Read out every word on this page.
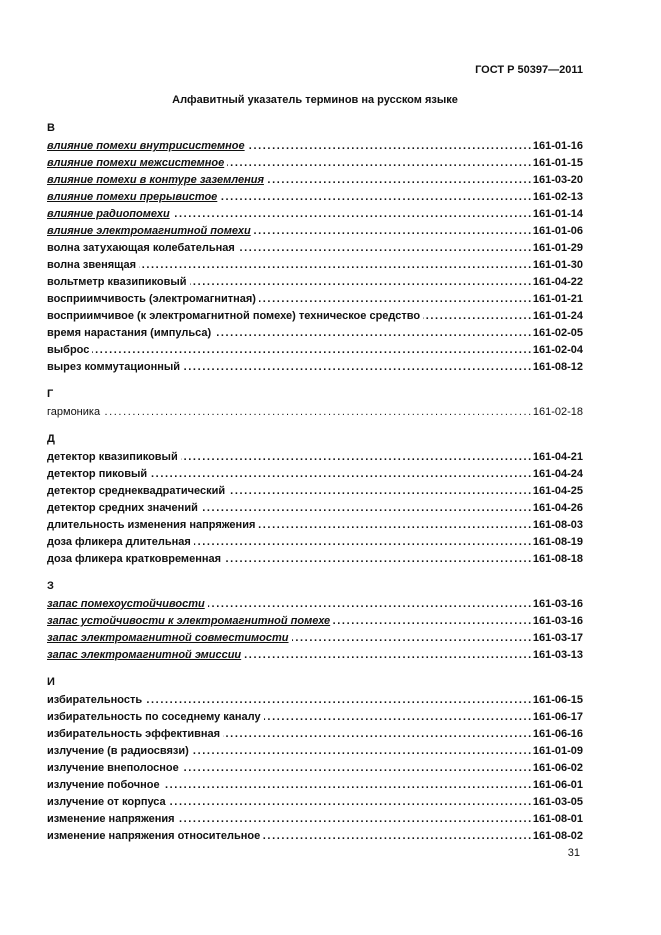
ГОСТ Р 50397—2011
Алфавитный указатель терминов на русском языке
В
влияние помехи внутрисистемное .....	161-01-16
влияние помехи межсистемное .....	161-01-15
влияние помехи в контуре заземления .....	161-03-20
влияние помехи прерывистое .....	161-02-13
влияние радиопомехи .....	161-01-14
влияние электромагнитной помехи .....	161-01-06
волна затухающая колебательная .....	161-01-29
волна звенящая .....	161-01-30
вольтметр квазипиковый .....	161-04-22
восприимчивость (электромагнитная) .....	161-01-21
восприимчивое (к электромагнитной помехе) техническое средство .....	161-01-24
время нарастания (импульса) .....	161-02-05
выброс .....	161-02-04
вырез коммутационный .....	161-08-12
Г
гармоника .....	161-02-18
Д
детектор квазипиковый .....	161-04-21
детектор пиковый .....	161-04-24
детектор среднеквадратический .....	161-04-25
детектор средних значений .....	161-04-26
длительность изменения напряжения .....	161-08-03
доза фликера длительная .....	161-08-19
доза фликера кратковременная .....	161-08-18
З
запас помехоустойчивости .....	161-03-16
запас устойчивости к электромагнитной помехе .....	161-03-16
запас электромагнитной совместимости .....	161-03-17
запас электромагнитной эмиссии .....	161-03-13
И
избирательность .....	161-06-15
избирательность по соседнему каналу .....	161-06-17
избирательность эффективная .....	161-06-16
излучение (в радиосвязи) .....	161-01-09
излучение внеполосное .....	161-06-02
излучение побочное .....	161-06-01
излучение от корпуса .....	161-03-05
изменение напряжения .....	161-08-01
изменение напряжения относительное .....	161-08-02
31
